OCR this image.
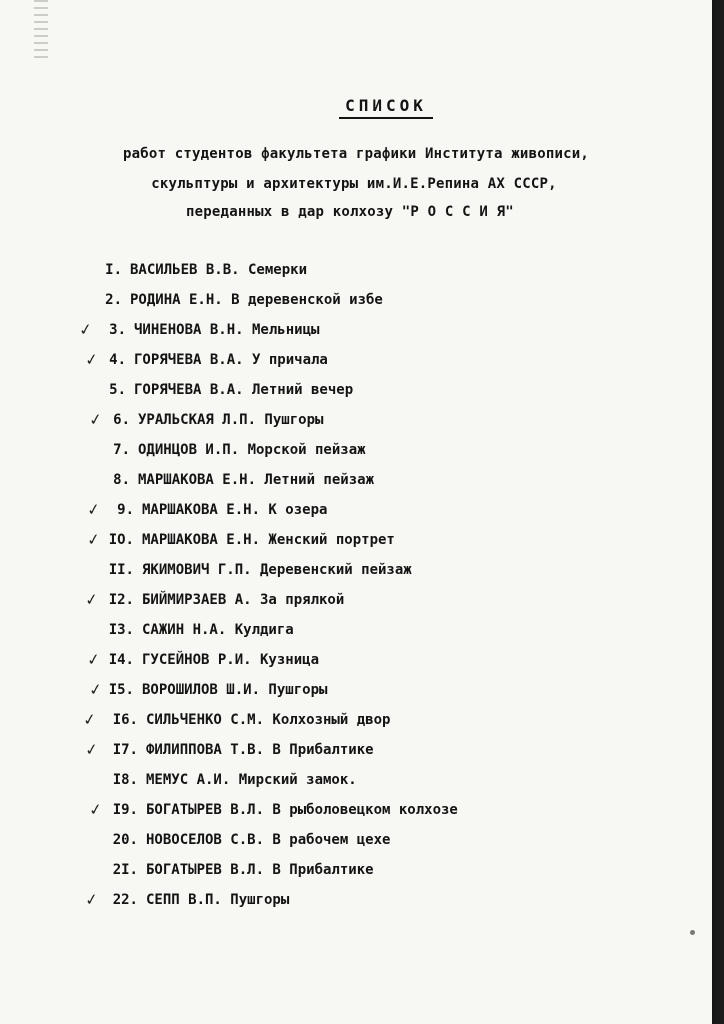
СПИСОК
работ студентов факультета графики Института живописи,
скульптуры и архитектуры им.И.Е.Репина АХ СССР,
переданных в дар колхозу "Р О С С И Я"
I. ВАСИЛЬЕВ В.В. Семерки
2. РОДИНА Е.Н. В деревенской избе
✓	3. ЧИНЕНОВА В.Н. Мельницы
✓ 4. ГОРЯЧЕВА В.А. У причала
5. ГОРЯЧЕВА В.А. Летний вечер
✓ 6. УРАЛЬСКАЯ Л.П. Пушгоры
7. ОДИНЦОВ И.П. Морской пейзаж
8. МАРШАКОВА Е.Н. Летний пейзаж
✓	9. МАРШАКОВА Е.Н. К озера
✓ IO. МАРШАКОВА Е.Н. Женский портрет
II. ЯКИМОВИЧ Г.П. Деревенский пейзаж
✓ I2. БИЙМИРЗАЕВ А. За прялкой
I3. САЖИН Н.А. Кулдига
✓ I4. ГУСЕЙНОВ Р.И. Кузница
✓ I5. ВОРОШИЛОВ Ш.И. Пушгоры
✓	I6. СИЛЬЧЕНКО С.М. Колхозный двор
✓	I7. ФИЛИППОВА Т.В. В Прибалтике
I8. МЕМУС А.И. Мирский замок.
✓ I9. БОГАТЫРЕВ В.Л. В рыболовецком колхозе
20. НОВОСЕЛОВ С.В. В рабочем цехе
2I. БОГАТЫРЕВ В.Л. В Прибалтике
✓	22. СЕПП В.П. Пушгоры
